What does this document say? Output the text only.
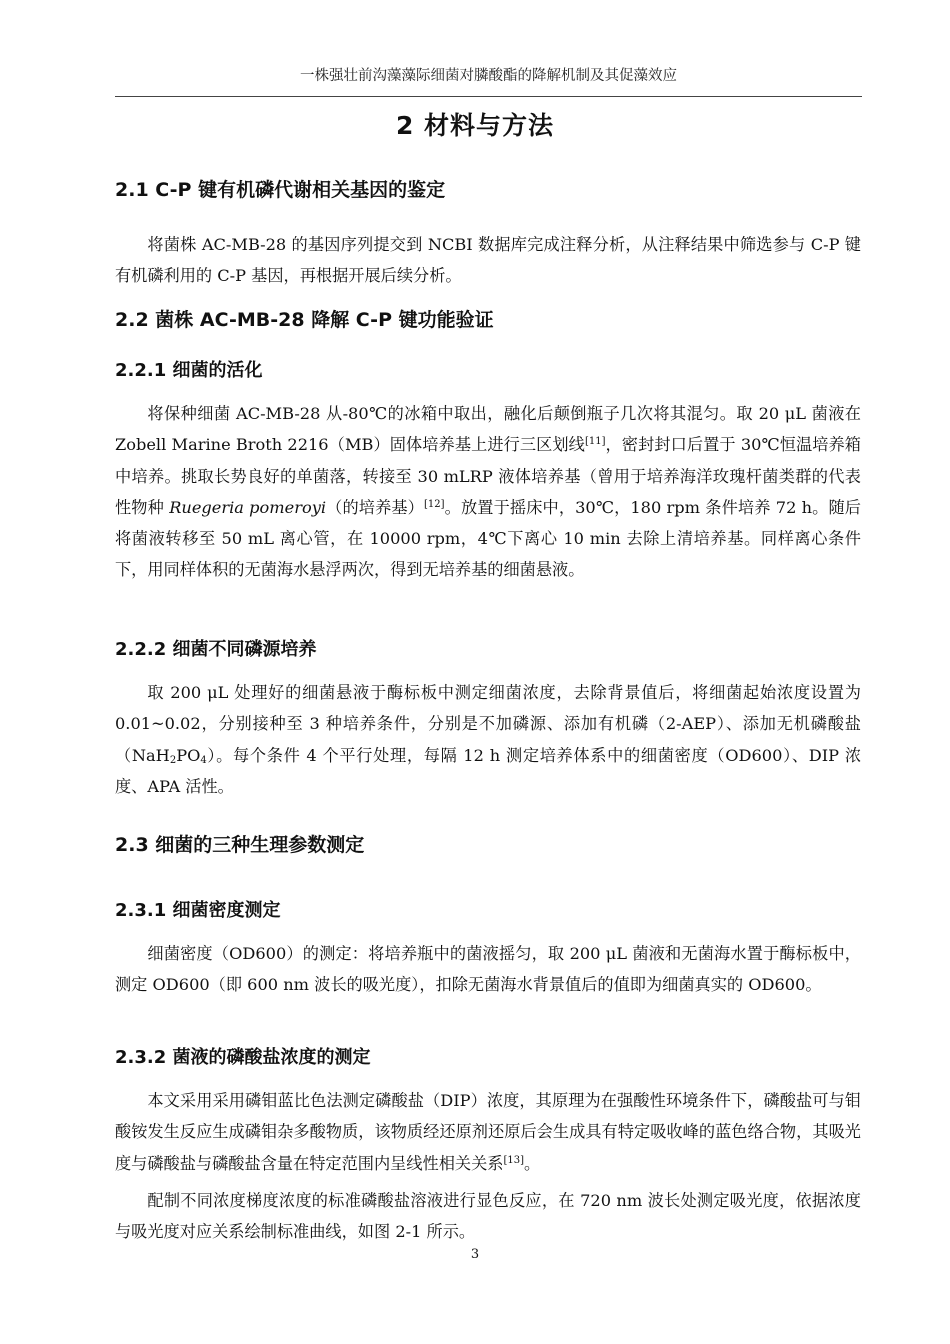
一株强壮前沟藻藻际细菌对膦酸酯的降解机制及其促藻效应
2 材料与方法
2.1 C-P 键有机磷代谢相关基因的鉴定

将菌株 AC-MB-28 的基因序列提交到 NCBI 数据库完成注释分析，从注释结果中筛选参与 C-P 键有机磷利用的 C-P 基因，再根据开展后续分析。

2.2 菌株 AC-MB-28 降解 C-P 键功能验证
2.2.1 细菌的活化

将保种细菌 AC-MB-28 从-80℃的冰箱中取出，融化后颠倒瓶子几次将其混匀。取 20 μL 菌液在 Zobell Marine Broth 2216（MB）固体培养基上进行三区划线[11]，密封封口后置于 30℃恒温培养箱中培养。挑取长势良好的单菌落，转接至 30 mLRP 液体培养基（曾用于培养海洋玫瑰杆菌类群的代表性物种 Ruegeria pomeroyi（的培养基）[12]。放置于摇床中，30℃，180 rpm 条件培养 72 h。随后将菌液转移至 50 mL 离心管，在 10000 rpm，4℃下离心 10 min 去除上清培养基。同样离心条件下，用同样体积的无菌海水悬浮两次，得到无培养基的细菌悬液。

2.2.2 细菌不同磷源培养

取 200 μL 处理好的细菌悬液于酶标板中测定细菌浓度，去除背景值后，将细菌起始浓度设置为 0.01~0.02，分别接种至 3 种培养条件，分别是不加磷源、添加有机磷（2-AEP）、添加无机磷酸盐$(NaH_2PO_4)$。每个条件 4 个平行处理，每隔 12 h 测定培养体系中的细菌密度（OD600）、DIP 浓度、APA 活性。

2.3 细菌的三种生理参数测定
2.3.1 细菌密度测定

细菌密度（OD600）的测定：将培养瓶中的菌液摇匀，取 200 μL 菌液和无菌海水置于酶标板中，测定 OD600（即 600 nm 波长的吸光度），扣除无菌海水背景值后的值即为细菌真实的 OD600。

2.3.2 菌液的磷酸盐浓度的测定

本文采用采用磷钼蓝比色法测定磷酸盐（DIP）浓度，其原理为在强酸性环境条件下，磷酸盐可与钼酸铵发生反应生成磷钼杂多酸物质，该物质经还原剂还原后会生成具有特定吸收峰的蓝色络合物，其吸光度与磷酸盐与磷酸盐含量在特定范围内呈线性相关关系[13]。

配制不同浓度梯度浓度的标准磷酸盐溶液进行显色反应，在 720 nm 波长处测定吸光度，依据浓度与吸光度对应关系绘制标准曲线，如图 2-1 所示。

3
